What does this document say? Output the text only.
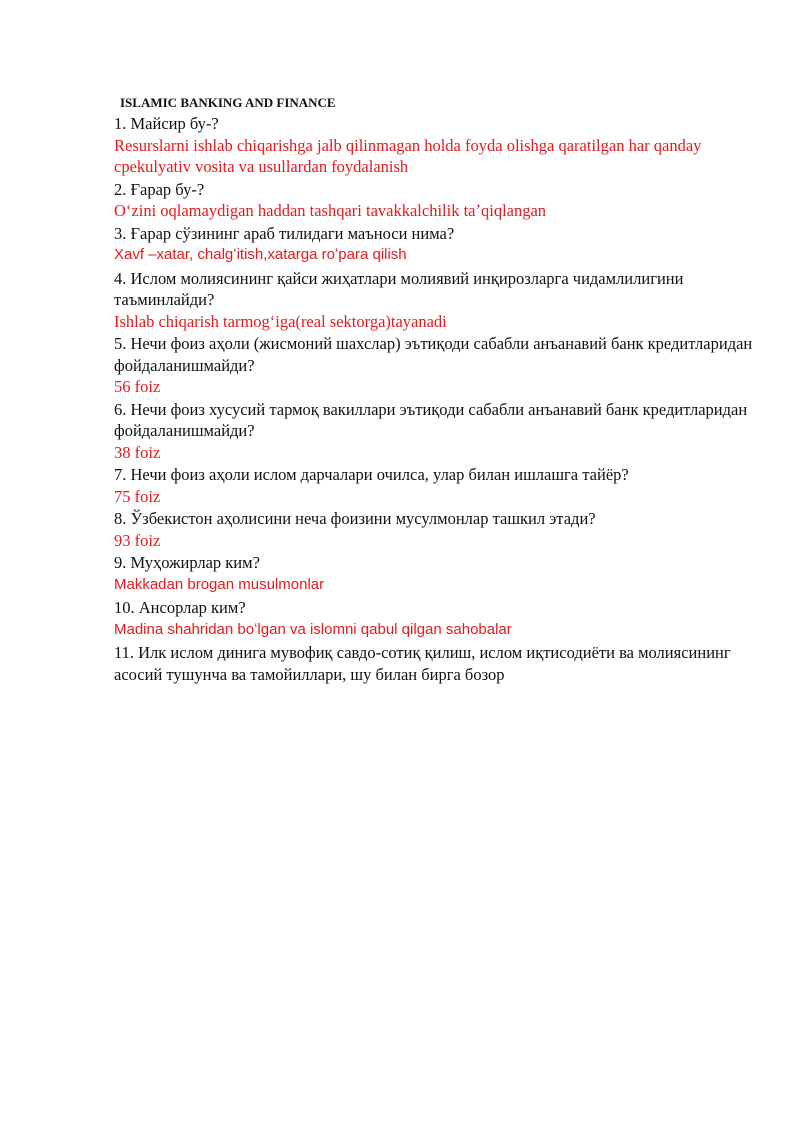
ISLAMIC BANKING AND FINANCE

1. Майсир бу-?

Resurslarni ishlab chiqarishga jalb qilinmagan holda foyda olishga qaratilgan har qanday cpekulyativ vosita va usullardan foydalanish

2. Ғарар бу-?

Oʻzini oqlamaydigan haddan tashqari tavakkalchilik taʼqiqlangan

3. Ғарар сўзининг араб тилидаги маъноси нима?

Xavf –xatar, chalgʻitish,xatarga roʻpara qilish

4. Ислом молиясининг қайси жиҳатлари молиявий инқирозларга чидамлилигини таъминлайди?

Ishlab chiqarish tarmogʻiga(real sektorga)tayanadi

5. Нечи фоиз аҳоли (жисмоний шахслар) эътиқоди сабабли анъанавий банк кредитларидан фойдаланишмайди?

56 foiz

6. Нечи фоиз хусусий тармоқ вакиллари эътиқоди сабабли анъанавий банк кредитларидан фойдаланишмайди?

38 foiz

7. Нечи фоиз аҳоли ислом дарчалари очилса, улар билан ишлашга тайёр?

75 foiz

8. Ўзбекистон аҳолисини неча фоизини мусулмонлар ташкил этади?

93 foiz

9. Муҳожирлар ким?

Makkadan brogan musulmonlar

10. Ансорлар ким?

Madina shahridan boʻlgan va islomni qabul qilgan sahobalar

11. Илк ислом динига мувофиқ савдо-сотиқ қилиш, ислом иқтисодиёти ва молиясининг асосий тушунча ва тамойиллари, шу билан бирга бозор
